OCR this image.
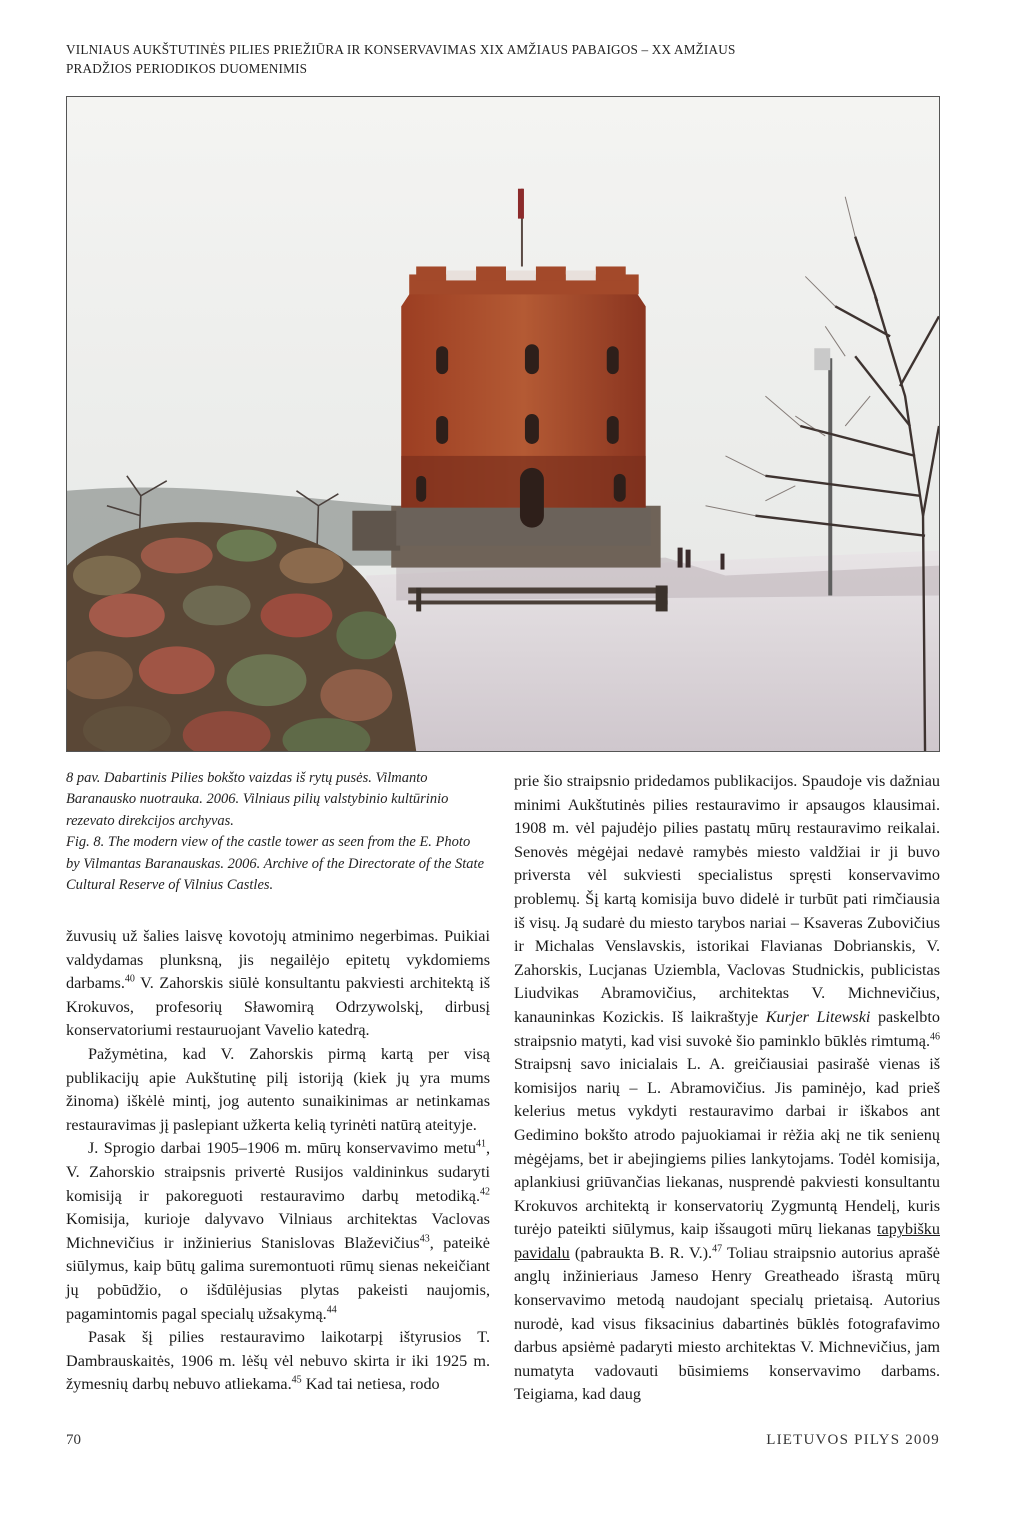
VILNIAUS AUKŠTUTINĖS PILIES PRIEŽIŪRA IR KONSERVAVIMAS XIX AMŽIAUS PABAIGOS – XX AMŽIAUS
PRADŽIOS PERIODIKOS DUOMENIMIS

8 pav. Dabartinis Pilies bokšto vaizdas iš rytų pusės. Vilmanto Baranausko nuotrauka. 2006. Vilniaus pilių valstybinio kultūrinio rezevato direkcijos archyvas.

Fig. 8. The modern view of the castle tower as seen from the E. Photo by Vilmantas Baranauskas. 2006. Archive of the Directorate of the State Cultural Reserve of Vilnius Castles.

žuvusių už šalies laisvę kovotojų atminimo negerbimas. Puikiai valdydamas plunksną, jis negailėjo epitetų vykdomiems darbams.$^{40}$ V. Zahorskis siūlė konsultantu pakviesti architektą iš Krokuvos, profesorių Sławomirą Odrzywolskį, dirbusį konservatoriumi restauruojant Vavelio katedrą.

Pažymėtina, kad V. Zahorskis pirmą kartą per visą publikacijų apie Aukštutinę pilį istoriją (kiek jų yra mums žinoma) iškėlė mintį, jog autento sunaikinimas ar netinkamas restauravimas jį paslepiant užkerta kelią tyrinėti natūrą ateityje.

J. Sprogio darbai 1905–1906 m. mūrų konservavimo metu$^{41}$, V. Zahorskio straipsnis privertė Rusijos valdininkus sudaryti komisiją ir pakoreguoti restauravimo darbų metodiką.$^{42}$ Komisija, kurioje dalyvavo Vilniaus architektas Vaclovas Michnevičius ir inžinierius Stanislovas Blaževičius$^{43}$, pateikė siūlymus, kaip būtų galima suremontuoti rūmų sienas nekeičiant jų pobūdžio, o išdūlėjusias plytas pakeisti naujomis, pagamintomis pagal specialų užsakymą.$^{44}$

Pasak šį pilies restauravimo laikotarpį ištyrusios T. Dambrauskaitės, 1906 m. lėšų vėl nebuvo skirta ir iki 1925 m. žymesnių darbų nebuvo atliekama.$^{45}$ Kad tai netiesa, rodo

prie šio straipsnio pridedamos publikacijos. Spaudoje vis dažniau minimi Aukštutinės pilies restauravimo ir apsaugos klausimai. 1908 m. vėl pajudėjo pilies pastatų mūrų restauravimo reikalai. Senovės mėgėjai nedavė ramybės miesto valdžiai ir ji buvo priversta vėl sukviesti specialistus spręsti konservavimo problemų. Šį kartą komisija buvo didelė ir turbūt pati rimčiausia iš visų. Ją sudarė du miesto tarybos nariai – Ksaveras Zubovičius ir Michalas Venslavskis, istorikai Flavianas Dobrianskis, V. Zahorskis, Lucjanas Uziembla, Vaclovas Studnickis, publicistas Liudvikas Abramovičius, architektas V. Michnevičius, kanauninkas Kozickis. Iš laikraštyje Kurjer Litewski paskelbto straipsnio matyti, kad visi suvokė šio paminklo būklės rimtumą.$^{46}$ Straipsnį savo inicialais L. A. greičiausiai pasirašė vienas iš komisijos narių – L. Abramovičius. Jis paminėjo, kad prieš kelerius metus vykdyti restauravimo darbai ir iškabos ant Gedimino bokšto atrodo pajuokiamai ir rėžia akį ne tik senienų mėgėjams, bet ir abejingiems pilies lankytojams. Todėl komisija, aplankiusi griūvančias liekanas, nusprendė pakviesti konsultantu Krokuvos architektą ir konservatorių Zygmuntą Hendelį, kuris turėjo pateikti siūlymus, kaip išsaugoti mūrų liekanas tapybišku pavidalu (pabraukta B. R. V.).$^{47}$ Toliau straipsnio autorius aprašė anglų inžinieriaus Jameso Henry Greatheado išrastą mūrų konservavimo metodą naudojant specialų prietaisą. Autorius nurodė, kad visus fiksacinius dabartinės būklės fotografavimo darbus apsiėmė padaryti miesto architektas V. Michnevičius, jam numatyta vadovauti būsimiems konservavimo darbams. Teigiama, kad daug

70	LIETUVOS PILYS 2009
